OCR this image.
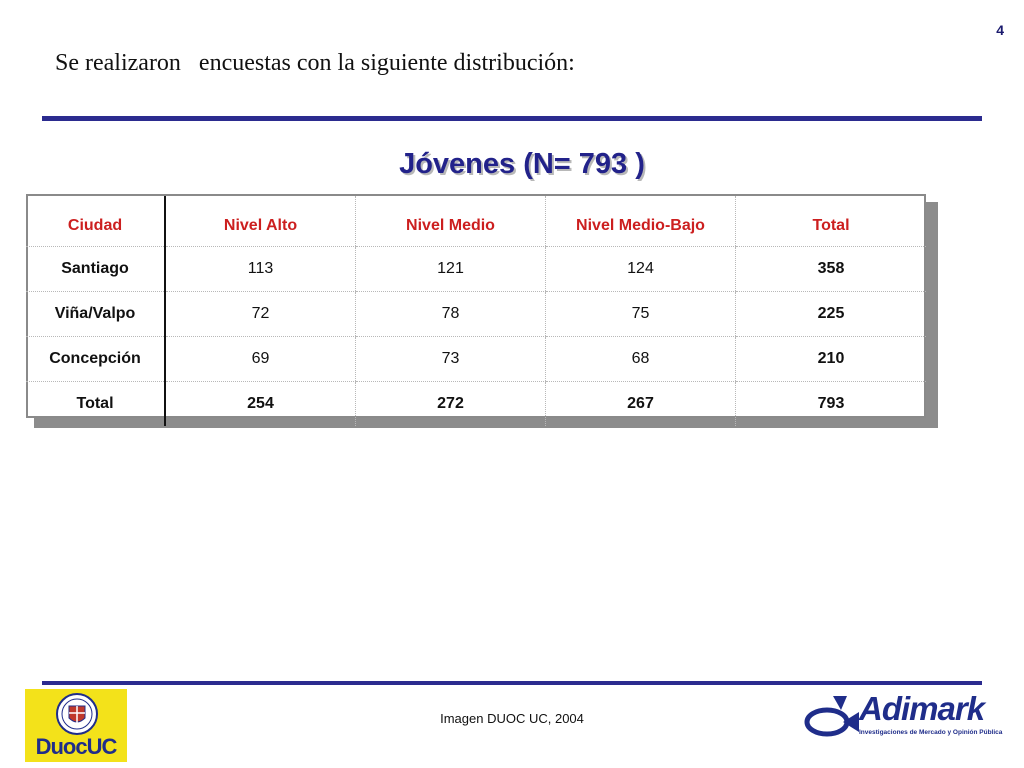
4
Se realizaron   encuestas con la siguiente distribución:
Jóvenes (N= 793 )
Ciudad	Nivel Alto	Nivel Medio	Nivel Medio-Bajo	Total
Santiago	113	121	124	358
Viña/Valpo	72	78	75	225
Concepción	69	73	68	210
Total	254	272	267	793
DuocUC
Imagen DUOC UC, 2004	Adimark
Investigaciones de Mercado y Opinión Pública
